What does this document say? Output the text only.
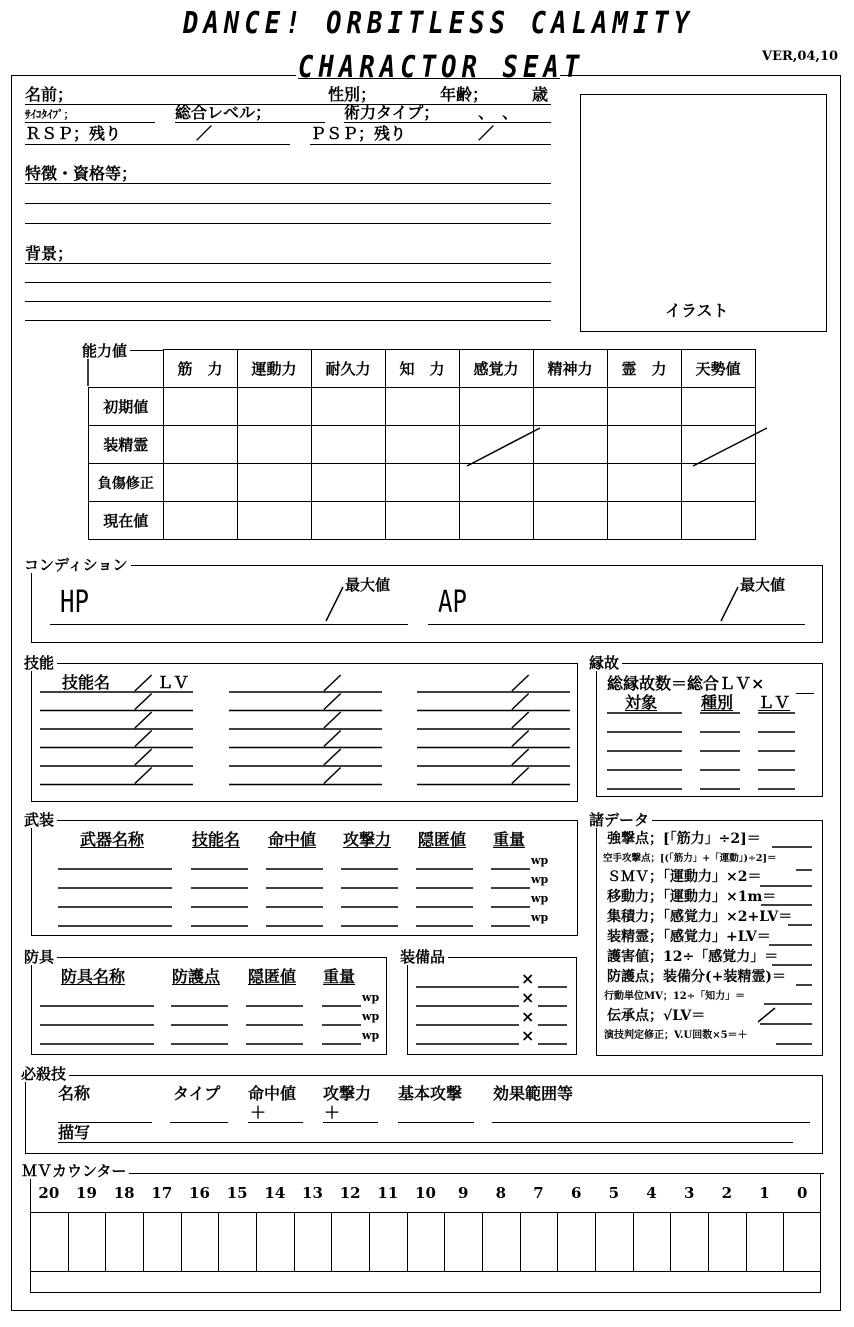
DANCE! ORBITLESS CALAMITY
CHARACTOR SEAT	VER,04,10
名前；	性別；	年齢；	歳
ｻｲｺﾀｲﾌﾟ；	総合レベル；	術力タイプ； 、　、
ＲＳＰ；残り	／	ＰＳＰ；残り	／
特徴・資格等；
背景；
イラスト
能力値
	筋　力	運動力	耐久力	知　力	感覚力	精神力	霊　力	天勢値
初期値								
装精霊								
負傷修正								
現在値								
コンディション
HP	最大値 AP	最大値
技能
技能名	ＬＶ
縁故
総縁故数＝総合ＬＶ×
対象	種別 ＬＶ
武装
武器名称	技能名 命中値 攻撃力 隠匿値 重量
wp
wp
wp
wp
諸データ
強撃点；[「筋力」÷2]＝
空手攻撃点；[(「筋力」+「運動」)÷2]＝
ＳＭＶ；「運動力」×2＝
移動力；「運動力」×1m＝
集積力；「感覚力」×2+LV＝
装精霊；「感覚力」+LV＝
護害値；12÷「感覚力」＝
防護点；装備分(+装精霊)＝
行動単位MV；12÷「知力」＝
伝承点；√LV＝
演技判定修正；V.U回数×5＝＋
防具
防具名称	防護点 隠匿値 重量
wp
wp
wp
装備品
×
×
×
×
必殺技
名称	タイプ 命中値 攻撃力 基本攻撃 効果範囲等
＋	＋
描写
ＭＶカウンター
20	19	18	17	16	15	14	13	12	11	10	9	8	7	6	5	4	3	2	1	0
